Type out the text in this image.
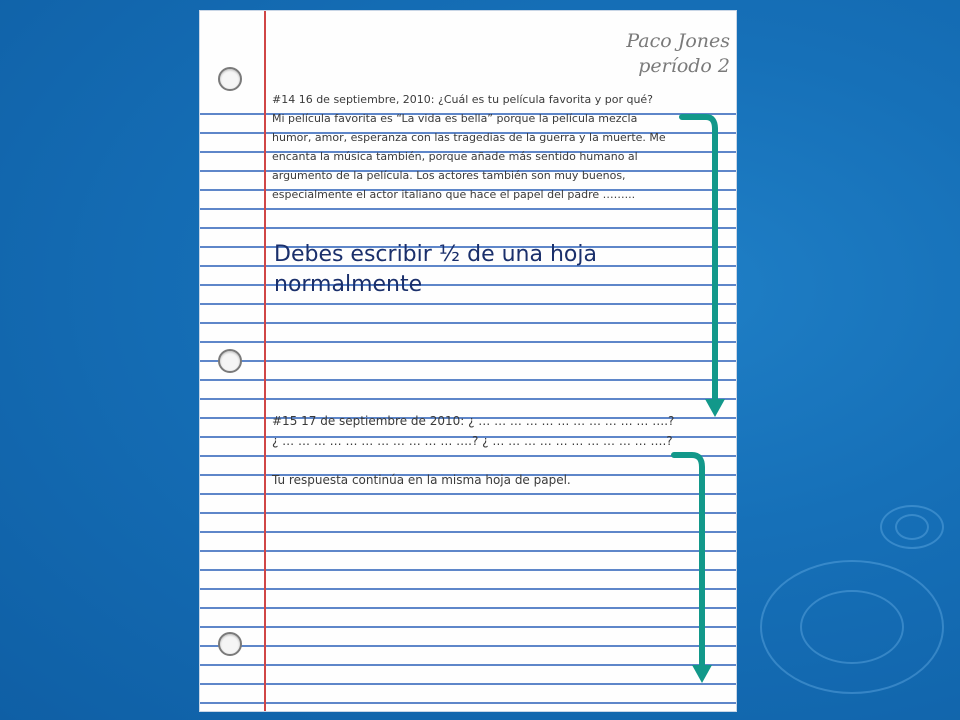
Paco Jones
período 2
#14 16 de septiembre, 2010: ¿Cuál es tu película favorita y por qué?
Mi película favorita es “La vida es bella” porque la película mezcla
humor, amor, esperanza con las tragedias de la guerra y la muerte. Me
encanta la música también, porque añade más sentido humano al
argumento de la película. Los actores también son muy buenos,
especialmente el actor italiano que hace el papel del padre ……...
Debes escribir ½ de una hoja
normalmente
#15 17 de septiembre de 2010: ¿ … … … … … … … … … … … ….?
¿ … … … … … … … … … … … ….? ¿ … … … … … … … … … … ….?
Tu respuesta continúa en la misma hoja de papel.
